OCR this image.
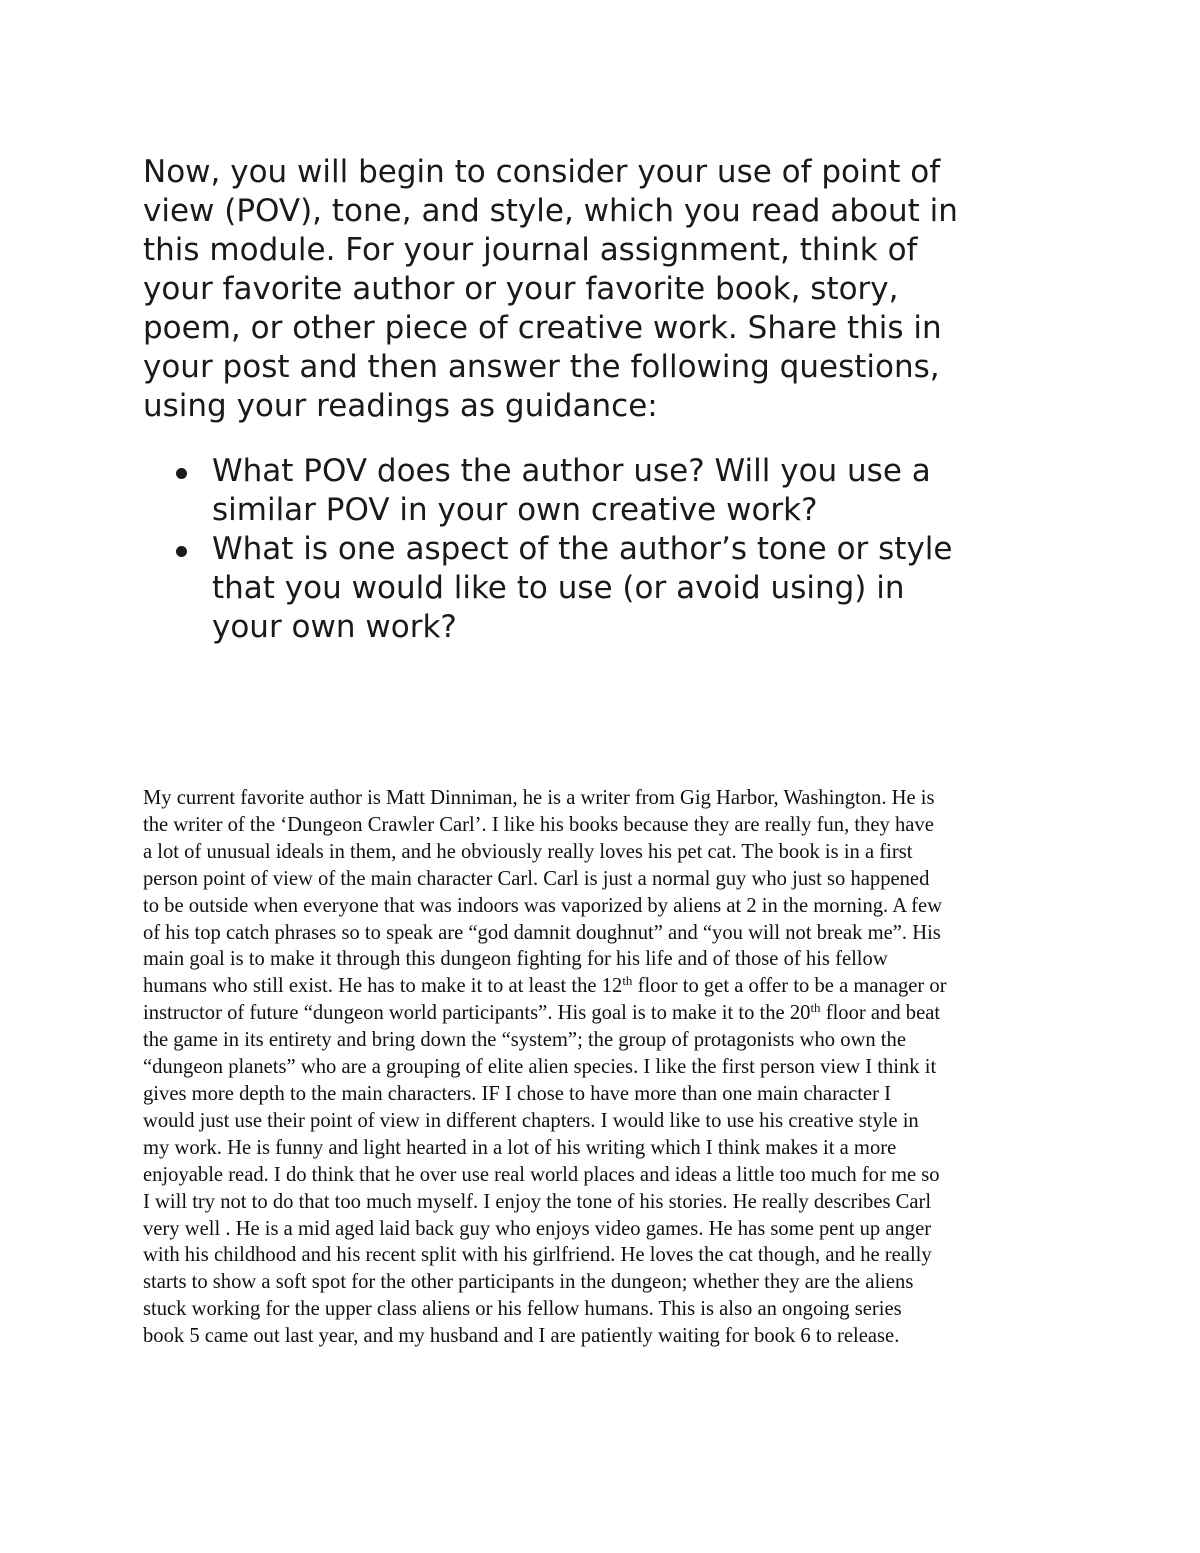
Now, you will begin to consider your use of point of
view (POV), tone, and style, which you read about in
this module. For your journal assignment, think of
your favorite author or your favorite book, story,
poem, or other piece of creative work. Share this in
your post and then answer the following questions,
using your readings as guidance:

What POV does the author use? Will you use a
similar POV in your own creative work?
What is one aspect of the author’s tone or style
that you would like to use (or avoid using) in
your own work?

My current favorite author is Matt Dinniman, he is a writer from Gig Harbor, Washington. He is
the writer of the ‘Dungeon Crawler Carl’. I like his books because they are really fun, they have
a lot of unusual ideals in them, and he obviously really loves his pet cat. The book is in a first
person point of view of the main character Carl. Carl is just a normal guy who just so happened
to be outside when everyone that was indoors was vaporized by aliens at 2 in the morning. A few
of his top catch phrases so to speak are “god damnit doughnut” and “you will not break me”. His
main goal is to make it through this dungeon fighting for his life and of those of his fellow
humans who still exist. He has to make it to at least the 12th floor to get a offer to be a manager or
instructor of future “dungeon world participants”. His goal is to make it to the 20th floor and beat
the game in its entirety and bring down the “system”; the group of protagonists who own the
“dungeon planets” who are a grouping of elite alien species. I like the first person view I think it
gives more depth to the main characters. IF I chose to have more than one main character I
would just use their point of view in different chapters. I would like to use his creative style in
my work. He is funny and light hearted in a lot of his writing which I think makes it a more
enjoyable read. I do think that he over use real world places and ideas a little too much for me so
I will try not to do that too much myself. I enjoy the tone of his stories. He really describes Carl
very well . He is a mid aged laid back guy who enjoys video games. He has some pent up anger
with his childhood and his recent split with his girlfriend. He loves the cat though, and he really
starts to show a soft spot for the other participants in the dungeon; whether they are the aliens
stuck working for the upper class aliens or his fellow humans. This is also an ongoing series
book 5 came out last year, and my husband and I are patiently waiting for book 6 to release.
